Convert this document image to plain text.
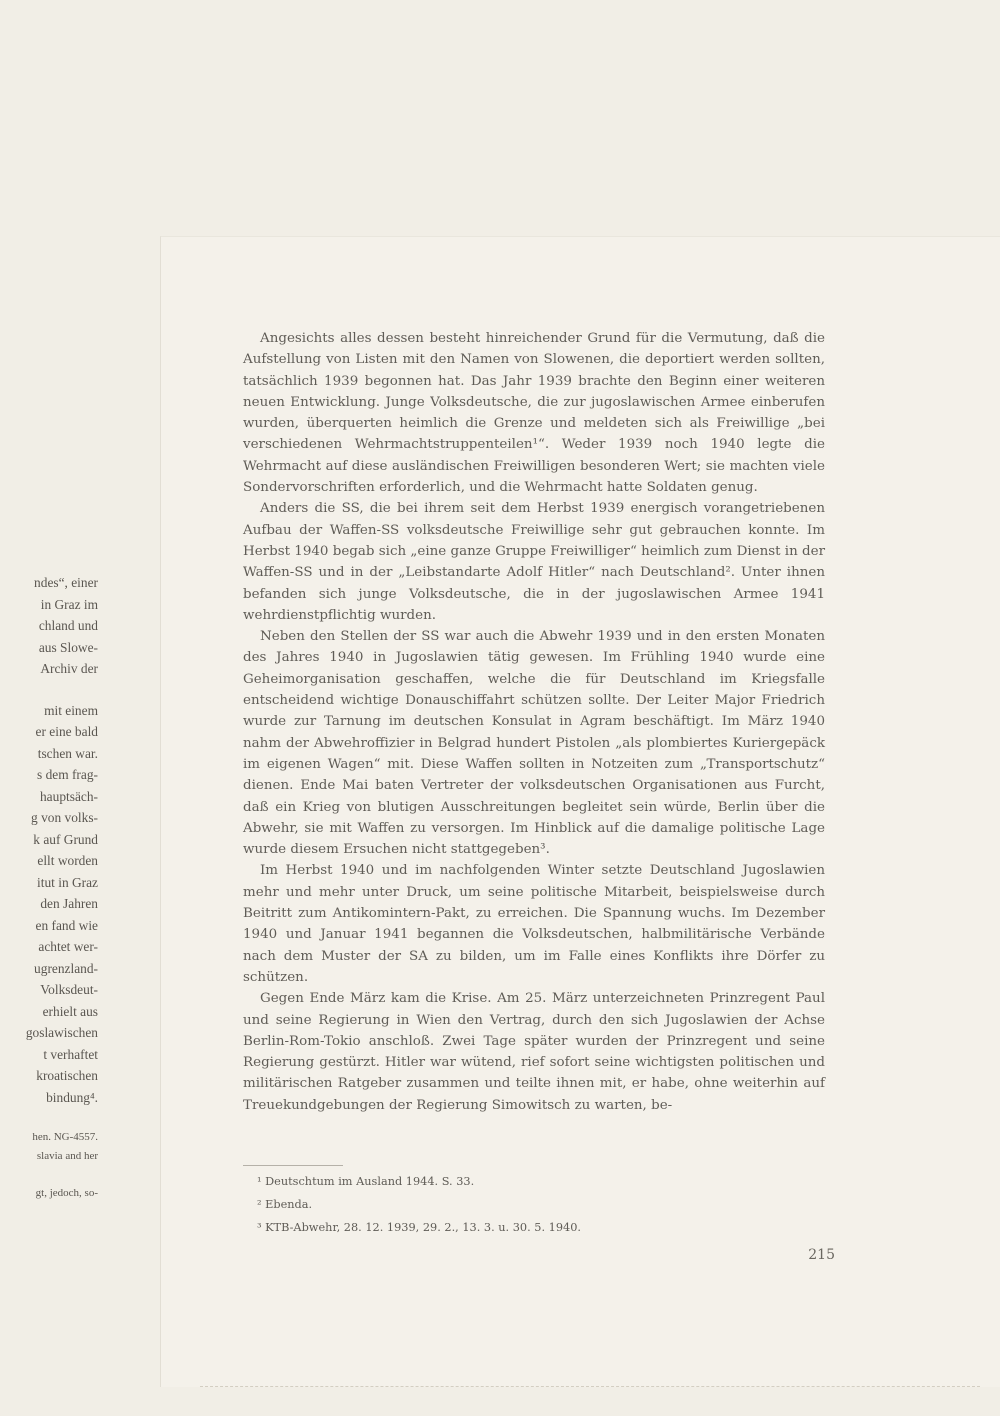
ndes“, einer
in Graz im
chland und
aus Slowe-
Archiv der
mit einem
er eine bald
tschen war.
s dem frag-
hauptsäch-
g von volks-
k auf Grund
ellt worden
itut in Graz
den Jahren
en fand wie
achtet wer-
ugrenzland-
Volksdeut-
erhielt aus
goslawischen
t verhaftet
kroatischen
bindung⁴.
hen. NG-4557.
slavia and her
gt, jedoch, so-

Angesichts alles dessen besteht hinreichender Grund für die Vermutung, daß die Aufstellung von Listen mit den Namen von Slowenen, die deportiert werden sollten, tatsächlich 1939 begonnen hat. Das Jahr 1939 brachte den Beginn einer weiteren neuen Entwicklung. Junge Volksdeutsche, die zur jugoslawischen Armee einberufen wurden, überquerten heimlich die Grenze und meldeten sich als Freiwillige „bei verschiedenen Wehrmachtstruppenteilen¹“. Weder 1939 noch 1940 legte die Wehrmacht auf diese ausländischen Freiwilligen besonderen Wert; sie machten viele Sondervorschriften erforderlich, und die Wehrmacht hatte Soldaten genug.

Anders die SS, die bei ihrem seit dem Herbst 1939 energisch vorangetriebenen Aufbau der Waffen-SS volksdeutsche Freiwillige sehr gut gebrauchen konnte. Im Herbst 1940 begab sich „eine ganze Gruppe Freiwilliger“ heimlich zum Dienst in der Waffen-SS und in der „Leibstandarte Adolf Hitler“ nach Deutschland². Unter ihnen befanden sich junge Volksdeutsche, die in der jugoslawischen Armee 1941 wehrdienstpflichtig wurden.

Neben den Stellen der SS war auch die Abwehr 1939 und in den ersten Monaten des Jahres 1940 in Jugoslawien tätig gewesen. Im Frühling 1940 wurde eine Geheimorganisation geschaffen, welche die für Deutschland im Kriegsfalle entscheidend wichtige Donauschiffahrt schützen sollte. Der Leiter Major Friedrich wurde zur Tarnung im deutschen Konsulat in Agram beschäftigt. Im März 1940 nahm der Abwehroffizier in Belgrad hundert Pistolen „als plombiertes Kuriergepäck im eigenen Wagen“ mit. Diese Waffen sollten in Notzeiten zum „Transportschutz“ dienen. Ende Mai baten Vertreter der volksdeutschen Organisationen aus Furcht, daß ein Krieg von blutigen Ausschreitungen begleitet sein würde, Berlin über die Abwehr, sie mit Waffen zu versorgen. Im Hinblick auf die damalige politische Lage wurde diesem Ersuchen nicht stattgegeben³.

Im Herbst 1940 und im nachfolgenden Winter setzte Deutschland Jugoslawien mehr und mehr unter Druck, um seine politische Mitarbeit, beispielsweise durch Beitritt zum Antikomintern-Pakt, zu erreichen. Die Spannung wuchs. Im Dezember 1940 und Januar 1941 begannen die Volksdeutschen, halbmilitärische Verbände nach dem Muster der SA zu bilden, um im Falle eines Konflikts ihre Dörfer zu schützen.

Gegen Ende März kam die Krise. Am 25. März unterzeichneten Prinzregent Paul und seine Regierung in Wien den Vertrag, durch den sich Jugoslawien der Achse Berlin-Rom-Tokio anschloß. Zwei Tage später wurden der Prinzregent und seine Regierung gestürzt. Hitler war wütend, rief sofort seine wichtigsten politischen und militärischen Ratgeber zusammen und teilte ihnen mit, er habe, ohne weiterhin auf Treuekundgebungen der Regierung Simowitsch zu warten, be-

¹ Deutschtum im Ausland 1944. S. 33.
² Ebenda.
³ KTB-Abwehr, 28. 12. 1939, 29. 2., 13. 3. u. 30. 5. 1940.
215
